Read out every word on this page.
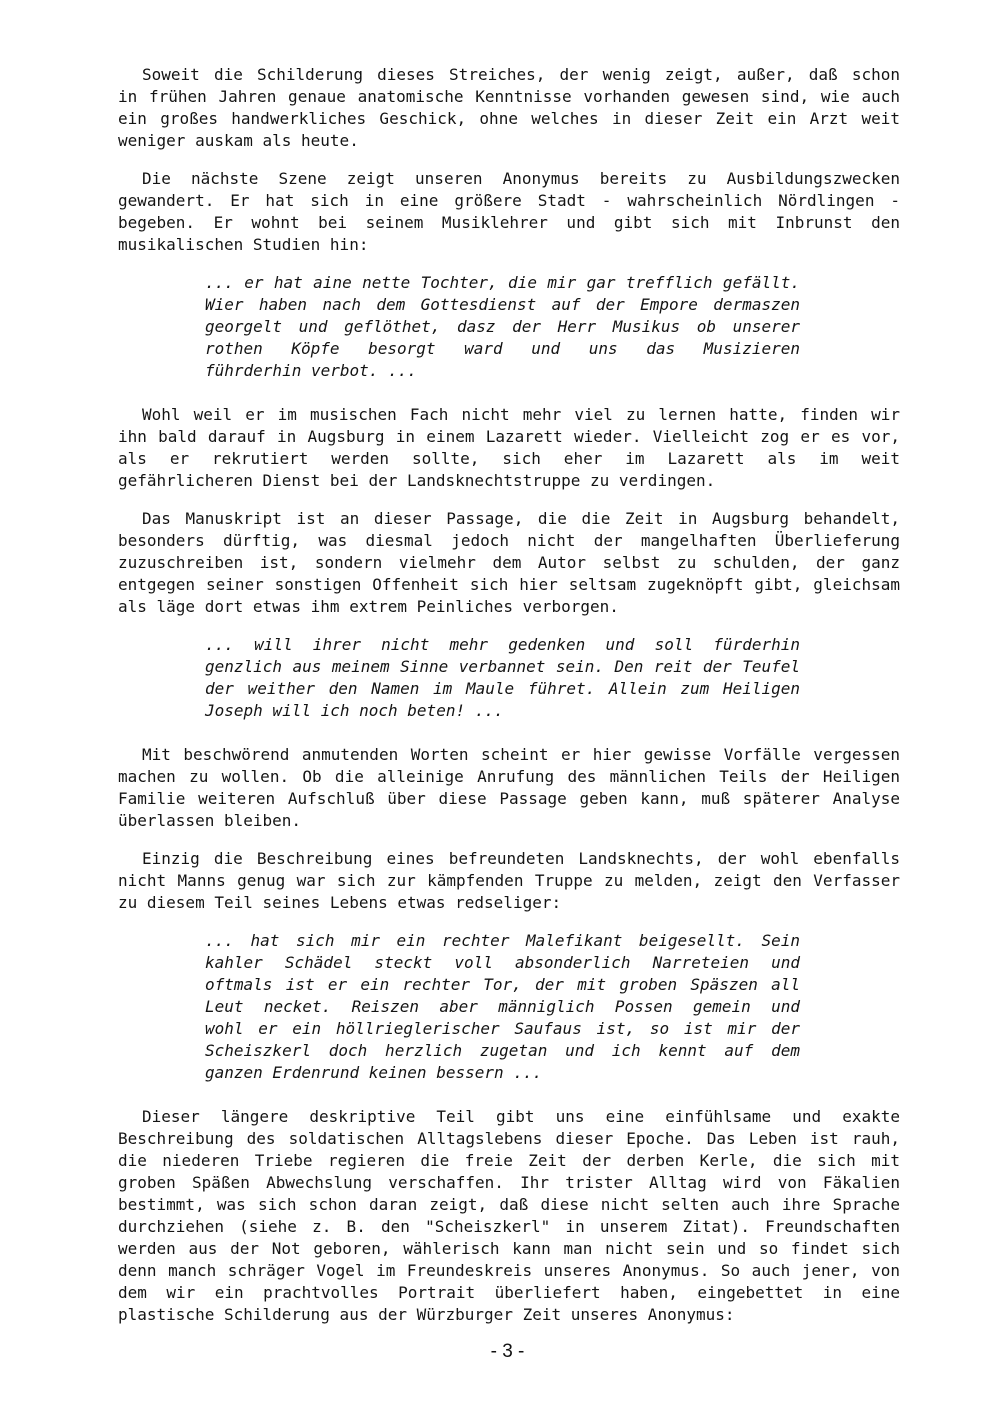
Soweit die Schilderung dieses Streiches, der wenig zeigt, außer, daß schon
in frühen Jahren genaue anatomische Kenntnisse vorhanden gewesen sind, wie auch
ein großes handwerkliches Geschick, ohne welches in dieser Zeit ein Arzt weit
weniger auskam als heute.
Die nächste Szene zeigt unseren Anonymus bereits zu Ausbildungszwecken
gewandert. Er hat sich in eine größere Stadt - wahrscheinlich Nördlingen -
begeben. Er wohnt bei seinem Musiklehrer und gibt sich mit Inbrunst den
musikalischen Studien hin:
... er hat aine nette Tochter, die mir gar trefflich gefällt.
Wier haben nach dem Gottesdienst auf der Empore dermaszen
georgelt und geflöthet, dasz der Herr Musikus ob unserer
rothen Köpfe besorgt ward und uns das Musizieren
führderhin verbot. ...
Wohl weil er im musischen Fach nicht mehr viel zu lernen hatte, finden wir
ihn bald darauf in Augsburg in einem Lazarett wieder. Vielleicht zog er es vor,
als er rekrutiert werden sollte, sich eher im Lazarett als im weit
gefährlicheren Dienst bei der Landsknechtstruppe zu verdingen.
Das Manuskript ist an dieser Passage, die die Zeit in Augsburg behandelt,
besonders dürftig, was diesmal jedoch nicht der mangelhaften Überlieferung
zuzuschreiben ist, sondern vielmehr dem Autor selbst zu schulden, der ganz
entgegen seiner sonstigen Offenheit sich hier seltsam zugeknöpft gibt, gleichsam
als läge dort etwas ihm extrem Peinliches verborgen.
... will ihrer nicht mehr gedenken und soll fürderhin
genzlich aus meinem Sinne verbannet sein. Den reit der Teufel
der weither den Namen im Maule führet. Allein zum Heiligen
Joseph will ich noch beten! ...
Mit beschwörend anmutenden Worten scheint er hier gewisse Vorfälle vergessen
machen zu wollen. Ob die alleinige Anrufung des männlichen Teils der Heiligen
Familie weiteren Aufschluß über diese Passage geben kann, muß späterer Analyse
überlassen bleiben.
Einzig die Beschreibung eines befreundeten Landsknechts, der wohl ebenfalls
nicht Manns genug war sich zur kämpfenden Truppe zu melden, zeigt den Verfasser
zu diesem Teil seines Lebens etwas redseliger:
... hat sich mir ein rechter Malefikant beigesellt. Sein
kahler Schädel steckt voll absonderlich Narreteien und
oftmals ist er ein rechter Tor, der mit groben Späszen all
Leut necket. Reiszen aber männiglich Possen gemein und
wohl er ein höllrieglerischer Saufaus ist, so ist mir der
Scheiszkerl doch herzlich zugetan und ich kennt auf dem
ganzen Erdenrund keinen bessern ...
Dieser längere deskriptive Teil gibt uns eine einfühlsame und exakte
Beschreibung des soldatischen Alltagslebens dieser Epoche. Das Leben ist rauh,
die niederen Triebe regieren die freie Zeit der derben Kerle, die sich mit
groben Späßen Abwechslung verschaffen. Ihr trister Alltag wird von Fäkalien
bestimmt, was sich schon daran zeigt, daß diese nicht selten auch ihre Sprache
durchziehen (siehe z. B. den "Scheiszkerl" in unserem Zitat). Freundschaften
werden aus der Not geboren, wählerisch kann man nicht sein und so findet sich
denn manch schräger Vogel im Freundeskreis unseres Anonymus. So auch jener, von
dem wir ein prachtvolles Portrait überliefert haben, eingebettet in eine
plastische Schilderung aus der Würzburger Zeit unseres Anonymus:
- 3 -
